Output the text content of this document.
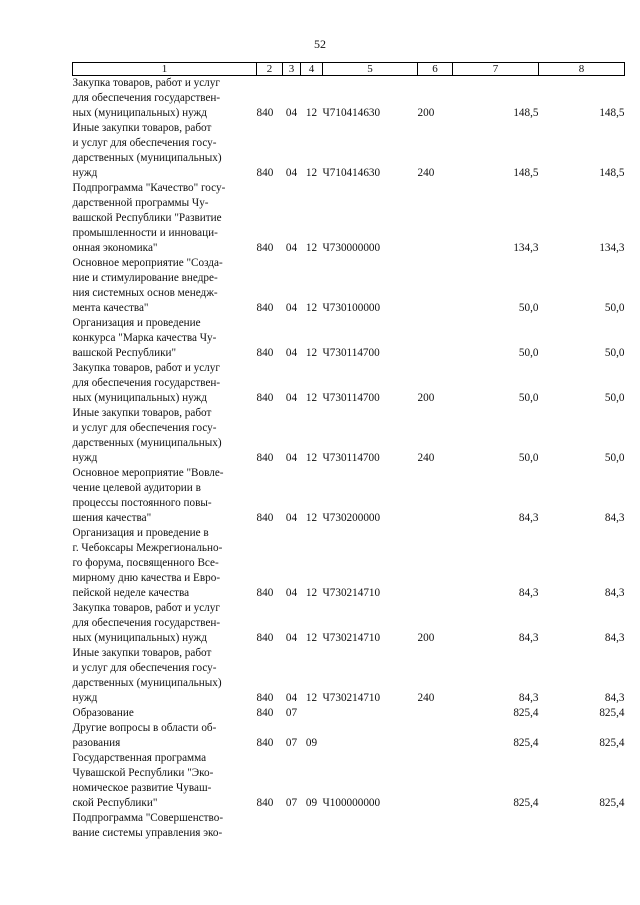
52
1	2	3	4	5	6	7	8

Закупка товаров, работ и услуг
для обеспечения государствен-
ных (муниципальных) нужд	840	04	12	Ч710414630	200	148,5	148,5

Иные закупки товаров, работ
и услуг для обеспечения госу-
дарственных (муниципальных)
нужд	840	04	12	Ч710414630	240	148,5	148,5

Подпрограмма "Качество" госу-
дарственной программы Чу-
вашской Республики "Развитие
промышленности и инноваци-
онная экономика"	840	04	12	Ч730000000		134,3	134,3

Основное мероприятие "Созда-
ние и стимулирование внедре-
ния системных основ менедж-
мента качества"	840	04	12	Ч730100000		50,0	50,0

Организация и проведение
конкурса "Марка качества Чу-
вашской Республики"	840	04	12	Ч730114700		50,0	50,0

Закупка товаров, работ и услуг
для обеспечения государствен-
ных (муниципальных) нужд	840	04	12	Ч730114700	200	50,0	50,0

Иные закупки товаров, работ
и услуг для обеспечения госу-
дарственных (муниципальных)
нужд	840	04	12	Ч730114700	240	50,0	50,0

Основное мероприятие "Вовле-
чение целевой аудитории в
процессы постоянного повы-
шения качества"	840	04	12	Ч730200000		84,3	84,3

Организация и проведение в
г. Чебоксары Межрегионально-
го форума, посвященного Все-
мирному дню качества и Евро-
пейской неделе качества	840	04	12	Ч730214710		84,3	84,3

Закупка товаров, работ и услуг
для обеспечения государствен-
ных (муниципальных) нужд	840	04	12	Ч730214710	200	84,3	84,3

Иные закупки товаров, работ
и услуг для обеспечения госу-
дарственных (муниципальных)
нужд	840	04	12	Ч730214710	240	84,3	84,3

Образование	840	07				825,4	825,4

Другие вопросы в области об-
разования	840	07	09			825,4	825,4

Государственная программа
Чувашской Республики "Эко-
номическое развитие Чуваш-
ской Республики"	840	07	09	Ч100000000		825,4	825,4

Подпрограмма "Совершенство-
вание системы управления эко-							
